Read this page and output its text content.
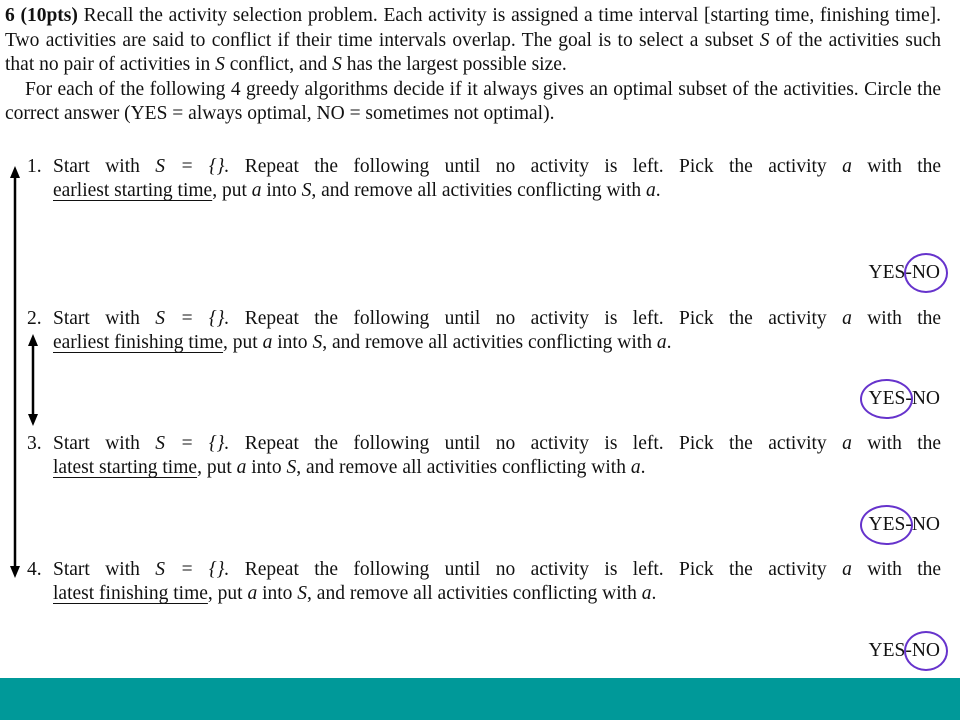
6 (10pts) Recall the activity selection problem. Each activity is assigned a time interval [starting time, finishing time]. Two activities are said to conflict if their time intervals overlap. The goal is to select a subset S of the activities such that no pair of activities in S conflict, and S has the largest possible size.

For each of the following 4 greedy algorithms decide if it always gives an optimal subset of the activities. Circle the correct answer (YES = always optimal, NO = sometimes not optimal).

1. Start with S = {}. Repeat the following until no activity is left. Pick the activity a with the
earliest starting time, put a into S, and remove all activities conflicting with a.
YES-NO
2. Start with S = {}. Repeat the following until no activity is left. Pick the activity a with the
earliest finishing time, put a into S, and remove all activities conflicting with a.
YES-NO
3. Start with S = {}. Repeat the following until no activity is left. Pick the activity a with the
latest starting time, put a into S, and remove all activities conflicting with a.
YES-NO
4. Start with S = {}. Repeat the following until no activity is left. Pick the activity a with the
latest finishing time, put a into S, and remove all activities conflicting with a.
YES-NO
